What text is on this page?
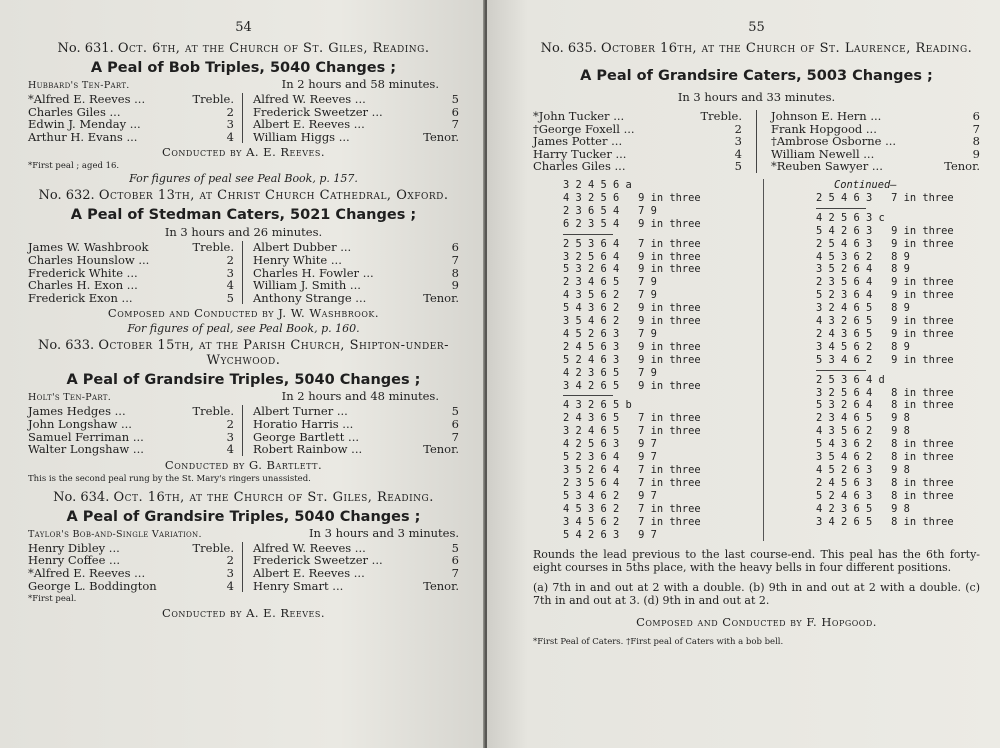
54
No. 631. Oct. 6th, at the Church of St. Giles, Reading.
A Peal of Bob Triples, 5040 Changes ;
Hubbard's Ten-Part.	In 2 hours and 58 minutes.
*Alfred E. Reeves ...	Treble.
Charles Giles ...	2
Edwin J. Menday ...	3
Arthur H. Evans ...	4
Alfred W. Reeves ...	5
Frederick Sweetzer ...	6
Albert E. Reeves ...	7
William Higgs ...	Tenor.
Conducted by A. E. Reeves.
*First peal ; aged 16.
For figures of peal see Peal Book, p. 157.
No. 632. October 13th, at Christ Church Cathedral, Oxford.
A Peal of Stedman Caters, 5021 Changes ;
In 3 hours and 26 minutes.
James W. Washbrook	Treble.
Charles Hounslow ...	2
Frederick White ...	3
Charles H. Exon ...	4
Frederick Exon ...	5
Albert Dubber ...	6
Henry White ...	7
Charles H. Fowler ...	8
William J. Smith ...	9
Anthony Strange ...	Tenor.
Composed and Conducted by J. W. Washbrook.
For figures of peal, see Peal Book, p. 160.
No. 633. October 15th, at the Parish Church, Shipton-under-Wychwood.
A Peal of Grandsire Triples, 5040 Changes ;
Holt's Ten-Part.	In 2 hours and 48 minutes.
James Hedges ...	Treble.
John Longshaw ...	2
Samuel Ferriman ...	3
Walter Longshaw ...	4
Albert Turner ...	5
Horatio Harris ...	6
George Bartlett ...	7
Robert Rainbow ...	Tenor.
Conducted by G. Bartlett.
This is the second peal rung by the St. Mary's ringers unassisted.
No. 634. Oct. 16th, at the Church of St. Giles, Reading.
A Peal of Grandsire Triples, 5040 Changes ;
Taylor's Bob-and-Single Variation.	In 3 hours and 3 minutes.
Henry Dibley ...	Treble.
Henry Coffee ...	2
*Alfred E. Reeves ...	3
George L. Boddington	4
Alfred W. Reeves ...	5
Frederick Sweetzer ...	6
Albert E. Reeves ...	7
Henry Smart ...	Tenor.
*First peal.
Conducted by A. E. Reeves.
55
No. 635. October 16th, at the Church of St. Laurence, Reading.
A Peal of Grandsire Caters, 5003 Changes ;
In 3 hours and 33 minutes.
*John Tucker ...	Treble.
†George Foxell ...	2
James Potter ...	3
Harry Tucker ...	4
Charles Giles ...	5
Johnson E. Hern ...	6
Frank Hopgood ...	7
†Ambrose Osborne ...	8
William Newell ...	9
*Reuben Sawyer ...	Tenor.
3 2 4 5 6 a
4 3 2 5 6   9 in three
2 3 6 5 4   7 9
6 2 3 5 4   9 in three
2 5 3 6 4   7 in three
3 2 5 6 4   9 in three
5 3 2 6 4   9 in three
2 3 4 6 5   7 9
4 3 5 6 2   7 9
5 4 3 6 2   9 in three
3 5 4 6 2   9 in three
4 5 2 6 3   7 9
2 4 5 6 3   9 in three
5 2 4 6 3   9 in three
4 2 3 6 5   7 9
3 4 2 6 5   9 in three
4 3 2 6 5 b
2 4 3 6 5   7 in three
3 2 4 6 5   7 in three
4 2 5 6 3   9 7
5 2 3 6 4   9 7
3 5 2 6 4   7 in three
2 3 5 6 4   7 in three
5 3 4 6 2   9 7
4 5 3 6 2   7 in three
3 4 5 6 2   7 in three
5 4 2 6 3   9 7
Continued—
2 5 4 6 3   7 in three
4 2 5 6 3 c
5 4 2 6 3   9 in three
2 5 4 6 3   9 in three
4 5 3 6 2   8 9
3 5 2 6 4   8 9
2 3 5 6 4   9 in three
5 2 3 6 4   9 in three
3 2 4 6 5   8 9
4 3 2 6 5   9 in three
2 4 3 6 5   9 in three
3 4 5 6 2   8 9
5 3 4 6 2   9 in three
2 5 3 6 4 d
3 2 5 6 4   8 in three
5 3 2 6 4   8 in three
2 3 4 6 5   9 8
4 3 5 6 2   9 8
5 4 3 6 2   8 in three
3 5 4 6 2   8 in three
4 5 2 6 3   9 8
2 4 5 6 3   8 in three
5 2 4 6 3   8 in three
4 2 3 6 5   9 8
3 4 2 6 5   8 in three
Rounds the lead previous to the last course-end. This peal has the 6th forty-eight courses in 5ths place, with the heavy bells in four different positions.
(a) 7th in and out at 2 with a double. (b) 9th in and out at 2 with a double. (c) 7th in and out at 3. (d) 9th in and out at 2.
Composed and Conducted by F. Hopgood.
*First Peal of Caters. †First peal of Caters with a bob bell.
